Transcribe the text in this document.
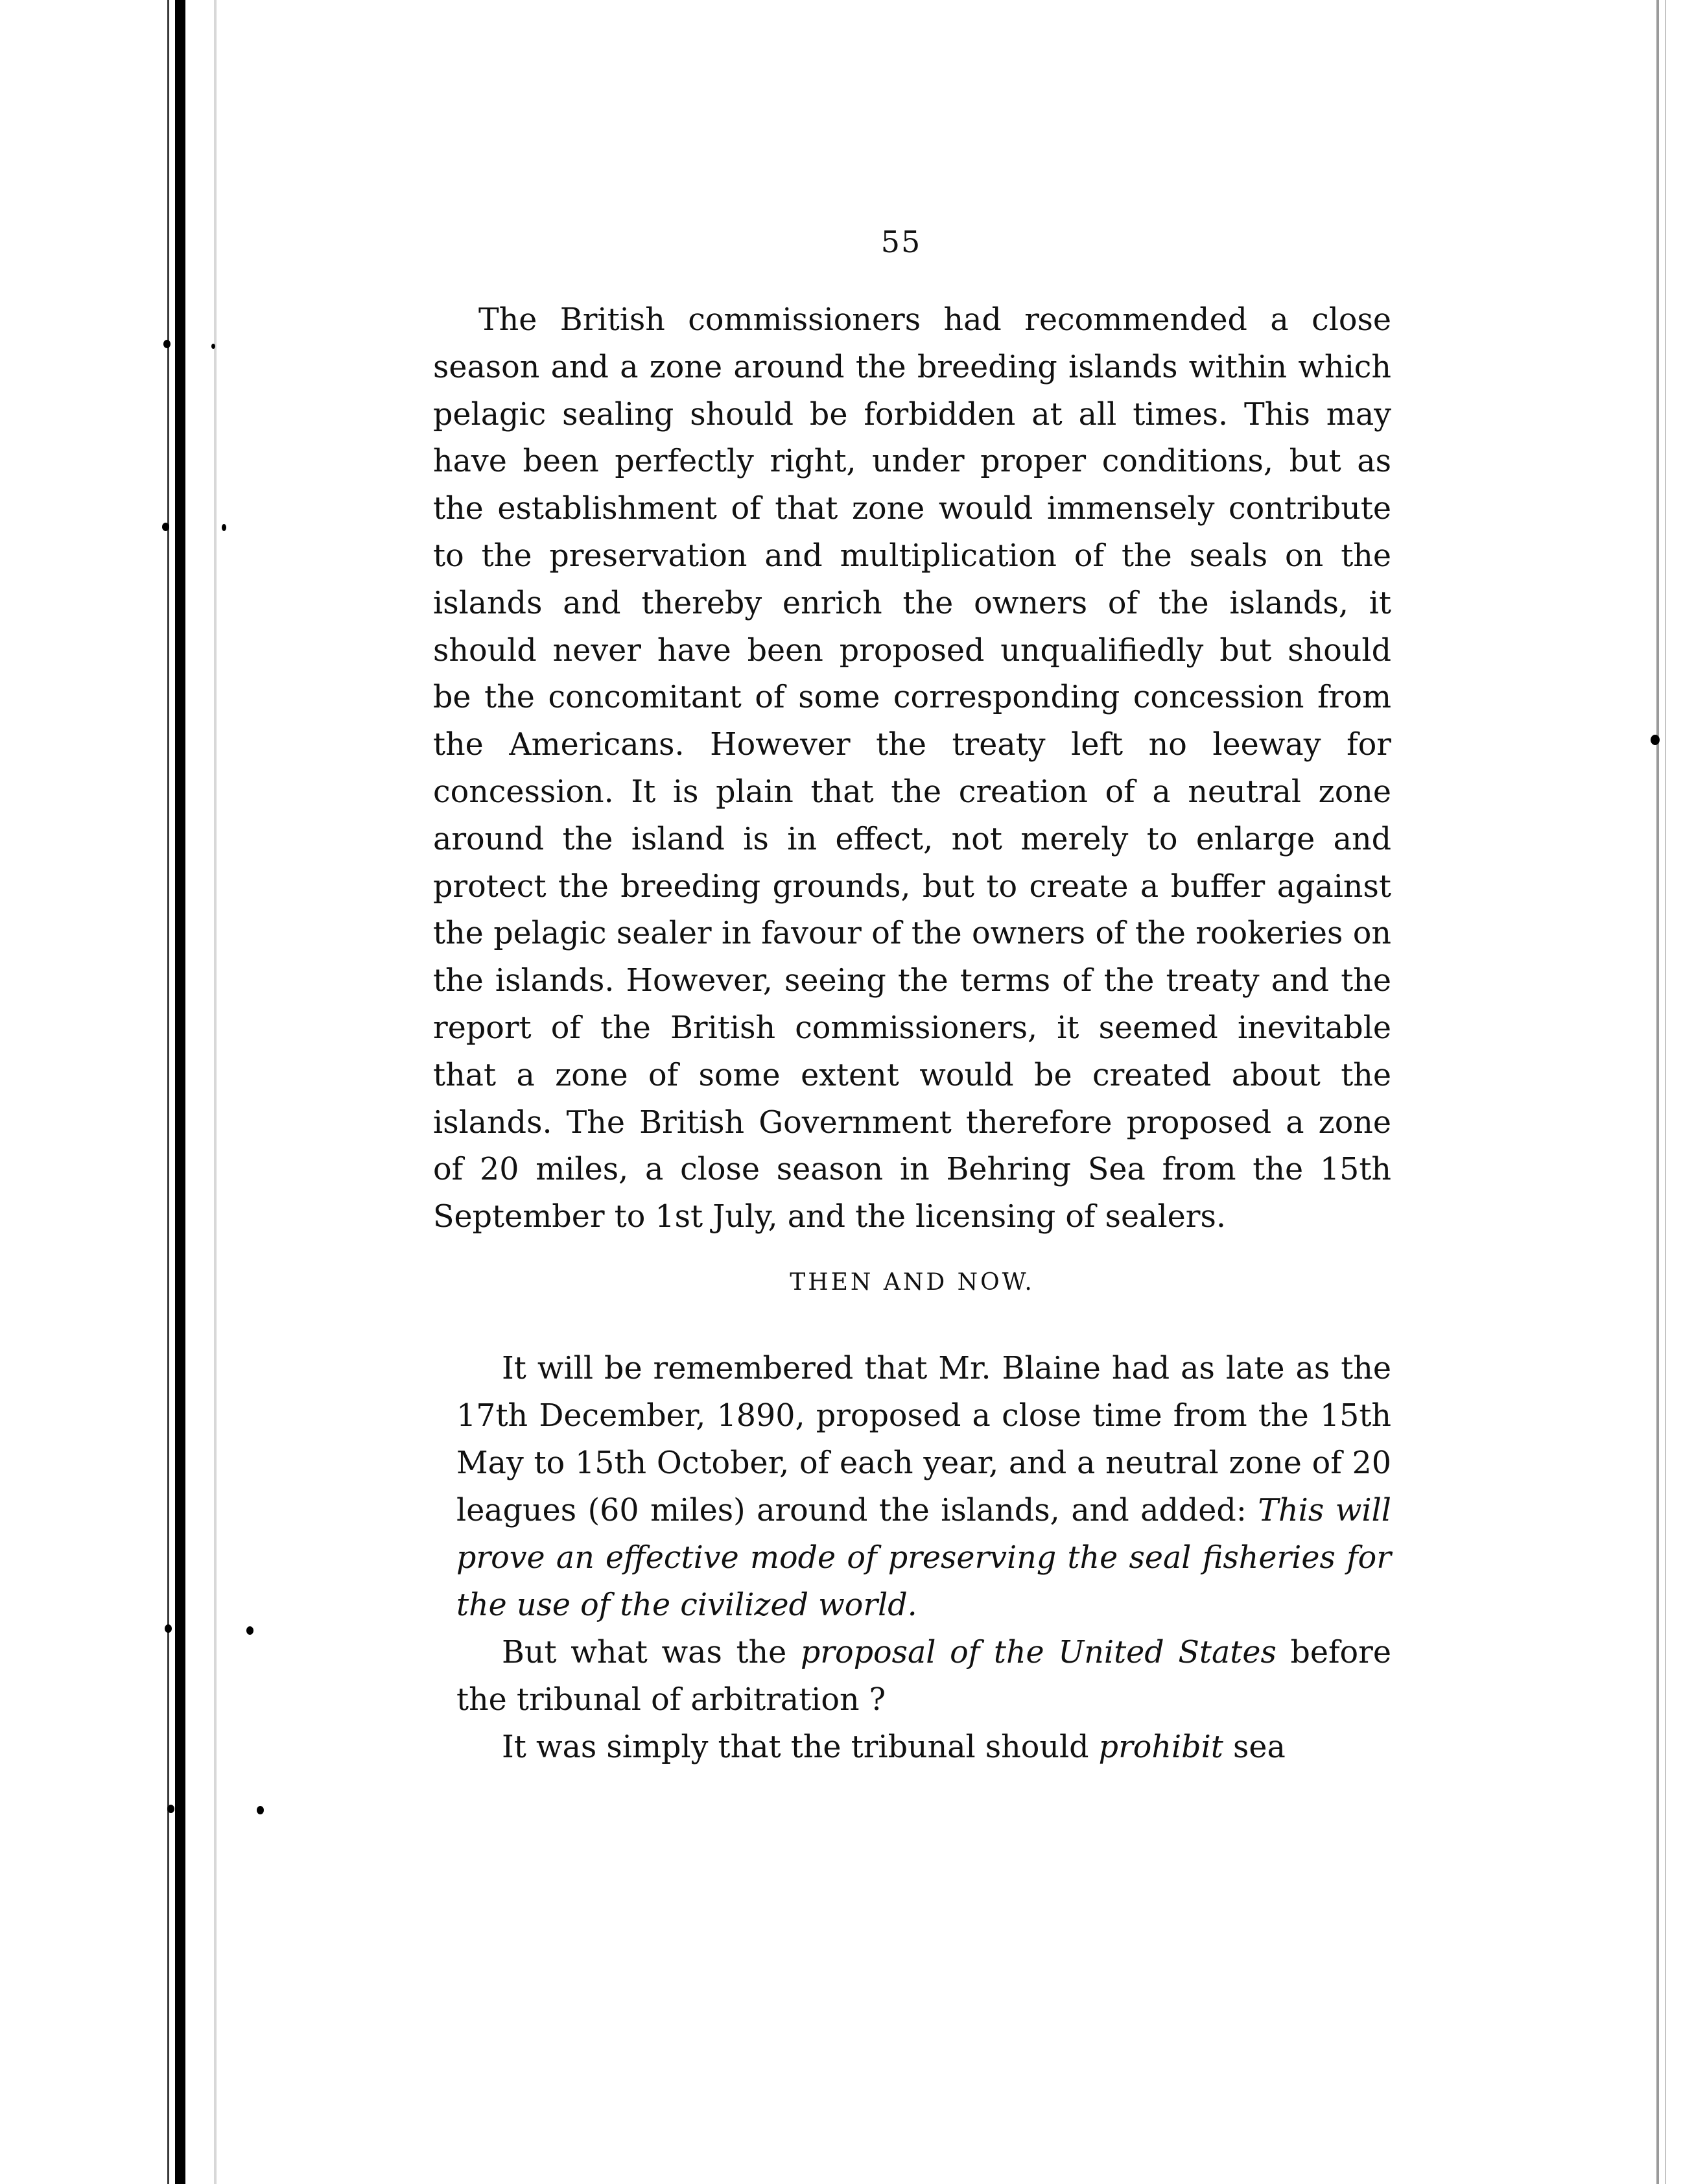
55

The British commissioners had recommended a close season and a zone around the breeding islands within which pelagic sealing should be forbidden at all times. This may have been perfectly right, under proper conditions, but as the establishment of that zone would immensely contribute to the preservation and multiplication of the seals on the islands and thereby enrich the owners of the islands, it should never have been proposed unqualifiedly but should be the concomitant of some corresponding concession from the Americans. However the treaty left no leeway for concession. It is plain that the creation of a neutral zone around the island is in effect, not merely to enlarge and protect the breeding grounds, but to create a buffer against the pelagic sealer in favour of the owners of the rookeries on the islands. However, seeing the terms of the treaty and the report of the British commissioners, it seemed inevitable that a zone of some extent would be created about the islands. The British Government therefore proposed a zone of 20 miles, a close season in Behring Sea from the 15th September to 1st July, and the licensing of sealers.

THEN AND NOW.

It will be remembered that Mr. Blaine had as late as the 17th December, 1890, proposed a close time from the 15th May to 15th October, of each year, and a neutral zone of 20 leagues (60 miles) around the islands, and added: This will prove an effective mode of preserving the seal fisheries for the use of the civilized world.

But what was the proposal of the United States before the tribunal of arbitration ?

It was simply that the tribunal should prohibit sea
